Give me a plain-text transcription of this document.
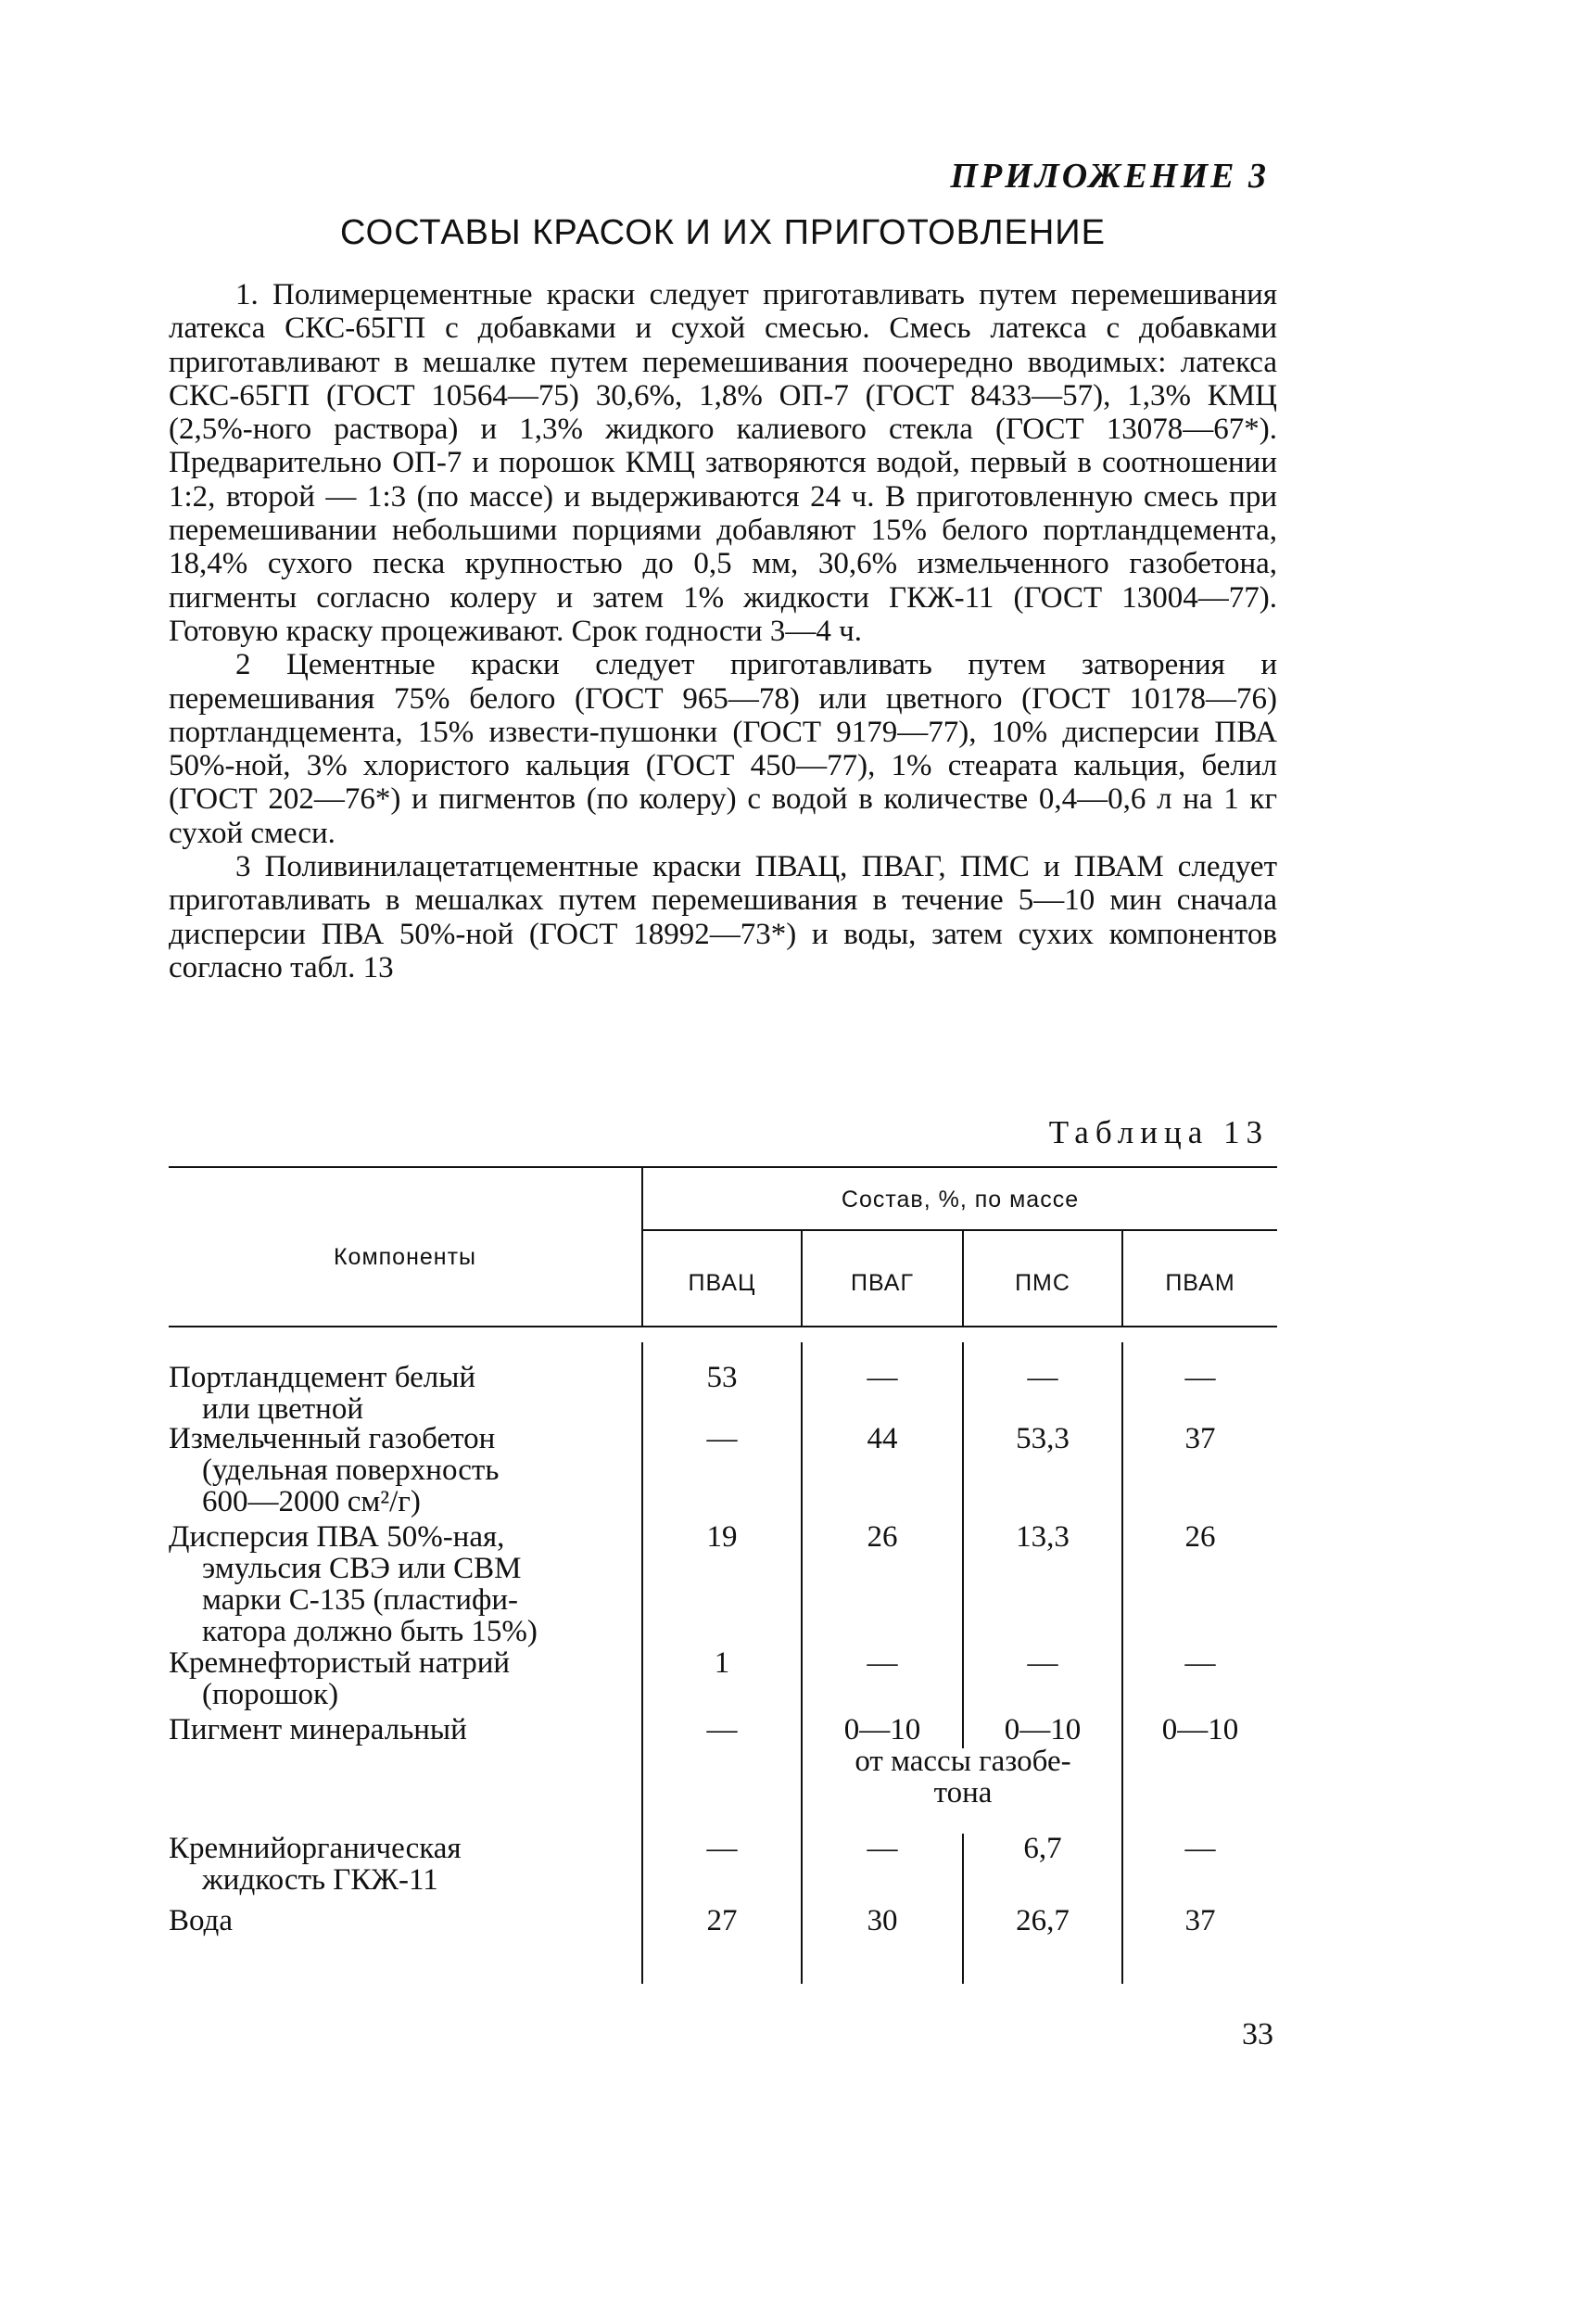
ПРИЛОЖЕНИЕ 3
СОСТАВЫ КРАСОК И ИХ ПРИГОТОВЛЕНИЕ

1. Полимерцементные краски следует приготавливать путем перемешивания латекса СКС-65ГП с добавками и сухой смесью. Смесь латекса с добавками приготавливают в мешалке путем перемешивания поочередно вводимых: латекса СКС-65ГП (ГОСТ 10564—75) 30,6%, 1,8% ОП-7 (ГОСТ 8433—57), 1,3% КМЦ (2,5%-ного раствора) и 1,3% жидкого калиевого стекла (ГОСТ 13078—67*). Предварительно ОП-7 и порошок КМЦ затворяются водой, первый в соотношении 1:2, второй — 1:3 (по массе) и выдерживаются 24 ч. В приготовленную смесь при перемешивании небольшими порциями добавляют 15% белого портландцемента, 18,4% сухого песка крупностью до 0,5 мм, 30,6% измельченного газобетона, пигменты согласно колеру и затем 1% жидкости ГКЖ-11 (ГОСТ 13004—77). Готовую краску процеживают. Срок годности 3—4 ч.

2 Цементные краски следует приготавливать путем затворения и перемешивания 75% белого (ГОСТ 965—78) или цветного (ГОСТ 10178—76) портландцемента, 15% извести-пушонки (ГОСТ 9179—77), 10% дисперсии ПВА 50%-ной, 3% хлористого кальция (ГОСТ 450—77), 1% стеарата кальция, белил (ГОСТ 202—76*) и пигментов (по колеру) с водой в количестве 0,4—0,6 л на 1 кг сухой смеси.

3 Поливинилацетатцементные краски ПВАЦ, ПВАГ, ПМС и ПВАМ следует приготавливать в мешалках путем перемешивания в течение 5—10 мин сначала дисперсии ПВА 50%-ной (ГОСТ 18992—73*) и воды, затем сухих компонентов согласно табл. 13

Таблица 13
Компоненты
Состав, %, по массе
ПВАЦ	ПВАГ	ПМС	ПВАМ
Портландцемент белый
или цветной
53	—	—	—
Измельченный газобетон
(удельная поверхность
600—2000 см²/г)
—	44	53,3	37
Дисперсия ПВА 50%-ная,
эмульсия СВЭ или СВМ
марки С-135 (пластифи-
катора должно быть 15%)
19	26	13,3	26
Кремнефтористый натрий
(порошок)
1	—	—	—
Пигмент минеральный	—	0—10	0—10	0—10
от массы газобе-
тона
Кремнийорганическая
жидкость ГКЖ-11
—	—	6,7	—
Вода	27	30	26,7	37
33
